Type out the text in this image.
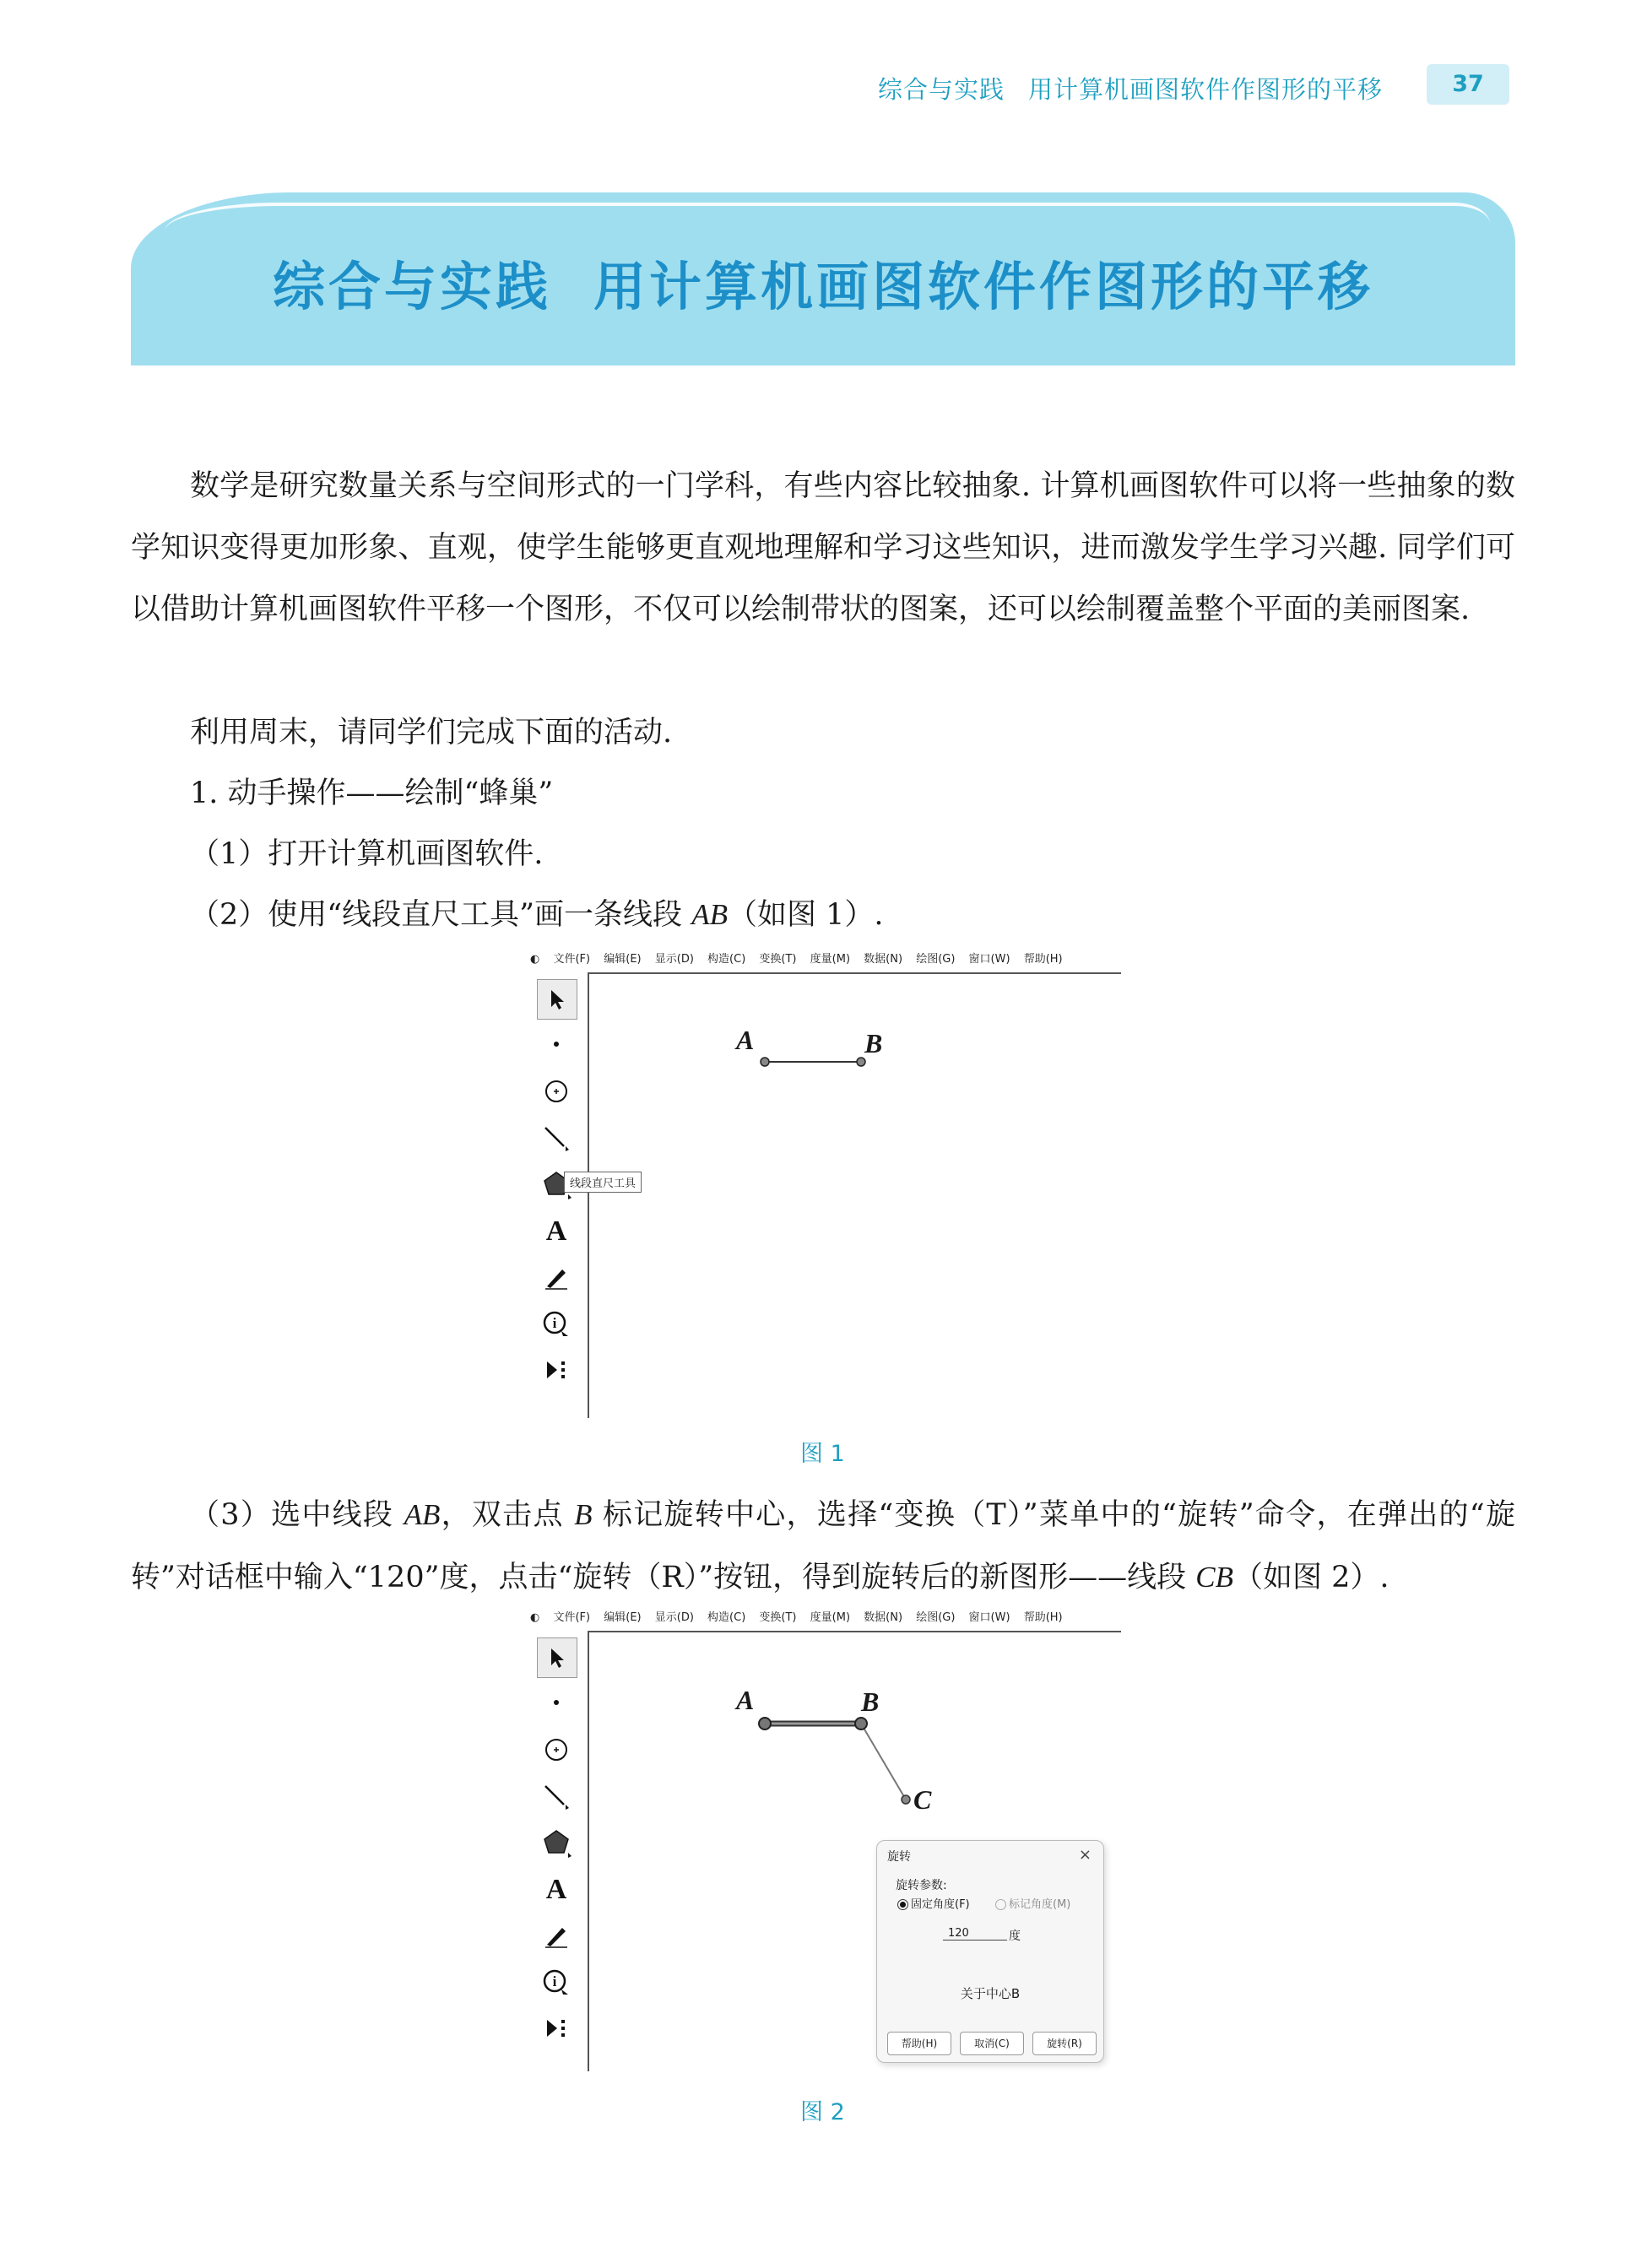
综合与实践 用计算机画图软件作图形的平移	37
综合与实践 用计算机画图软件作图形的平移

数学是研究数量关系与空间形式的一门学科，有些内容比较抽象. 计算机画图软件可以将一些抽象的数学知识变得更加形象、直观，使学生能够更直观地理解和学习这些知识，进而激发学生学习兴趣. 同学们可以借助计算机画图软件平移一个图形，不仅可以绘制带状的图案，还可以绘制覆盖整个平面的美丽图案.

利用周末，请同学们完成下面的活动.
1. 动手操作——绘制“蜂巢”
（1）打开计算机画图软件.
（2）使用“线段直尺工具”画一条线段 AB（如图 1）.
◐ 文件(F) 编辑(E) 显示(D) 构造(C) 变换(T) 度量(M) 数据(N) 绘图(G) 窗口(W) 帮助(H)
A
i
线段直尺工具
A	B
图 1

（3）选中线段 AB，双击点 B 标记旋转中心，选择“变换（T）”菜单中的“旋转”命令，在弹出的“旋转”对话框中输入“120”度，点击“旋转（R）”按钮，得到旋转后的新图形——线段 CB（如图 2）.

◐ 文件(F) 编辑(E) 显示(D) 构造(C) 变换(T) 度量(M) 数据(N) 绘图(G) 窗口(W) 帮助(H)
A
i
A	B
C
旋转	×
旋转参数:
固定角度(F)	标记角度(M)
120	度
关于中心B
帮助(H)	取消(C)	旋转(R)
图 2
